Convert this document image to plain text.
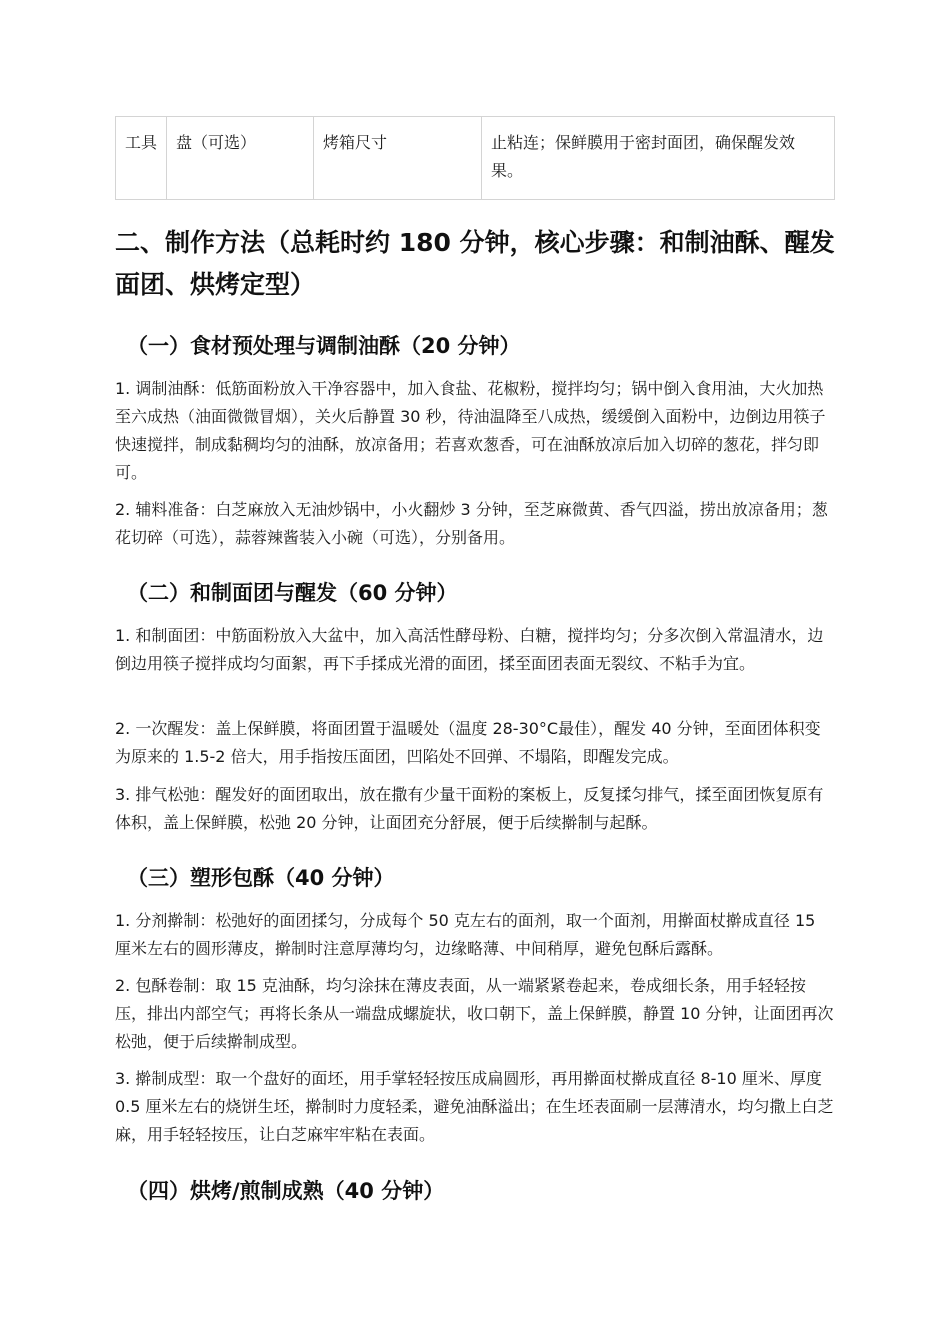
工具	盘（可选）	烤箱尺寸	止粘连；保鲜膜用于密封面团，确保醒发效果。
二、制作方法（总耗时约 180 分钟，核心步骤：和制油酥、醒发面团、烘烤定型）
（一）食材预处理与调制油酥（20 分钟）

1. 调制油酥：低筋面粉放入干净容器中，加入食盐、花椒粉，搅拌均匀；锅中倒入食用油，大火加热至六成热（油面微微冒烟），关火后静置 30 秒，待油温降至八成热，缓缓倒入面粉中，边倒边用筷子快速搅拌，制成黏稠均匀的油酥，放凉备用；若喜欢葱香，可在油酥放凉后加入切碎的葱花，拌匀即可。

2. 辅料准备：白芝麻放入无油炒锅中，小火翻炒 3 分钟，至芝麻微黄、香气四溢，捞出放凉备用；葱花切碎（可选），蒜蓉辣酱装入小碗（可选），分别备用。

（二）和制面团与醒发（60 分钟）

1. 和制面团：中筋面粉放入大盆中，加入高活性酵母粉、白糖，搅拌均匀；分多次倒入常温清水，边倒边用筷子搅拌成均匀面絮，再下手揉成光滑的面团，揉至面团表面无裂纹、不粘手为宜。

2. 一次醒发：盖上保鲜膜，将面团置于温暖处（温度 28-30°C最佳），醒发 40 分钟，至面团体积变为原来的 1.5-2 倍大，用手指按压面团，凹陷处不回弹、不塌陷，即醒发完成。

3. 排气松弛：醒发好的面团取出，放在撒有少量干面粉的案板上，反复揉匀排气，揉至面团恢复原有体积，盖上保鲜膜，松弛 20 分钟，让面团充分舒展，便于后续擀制与起酥。

（三）塑形包酥（40 分钟）

1. 分剂擀制：松弛好的面团揉匀，分成每个 50 克左右的面剂，取一个面剂，用擀面杖擀成直径 15 厘米左右的圆形薄皮，擀制时注意厚薄均匀，边缘略薄、中间稍厚，避免包酥后露酥。

2. 包酥卷制：取 15 克油酥，均匀涂抹在薄皮表面，从一端紧紧卷起来，卷成细长条，用手轻轻按压，排出内部空气；再将长条从一端盘成螺旋状，收口朝下，盖上保鲜膜，静置 10 分钟，让面团再次松弛，便于后续擀制成型。

3. 擀制成型：取一个盘好的面坯，用手掌轻轻按压成扁圆形，再用擀面杖擀成直径 8-10 厘米、厚度 0.5 厘米左右的烧饼生坯，擀制时力度轻柔，避免油酥溢出；在生坯表面刷一层薄清水，均匀撒上白芝麻，用手轻轻按压，让白芝麻牢牢粘在表面。

（四）烘烤/煎制成熟（40 分钟）
